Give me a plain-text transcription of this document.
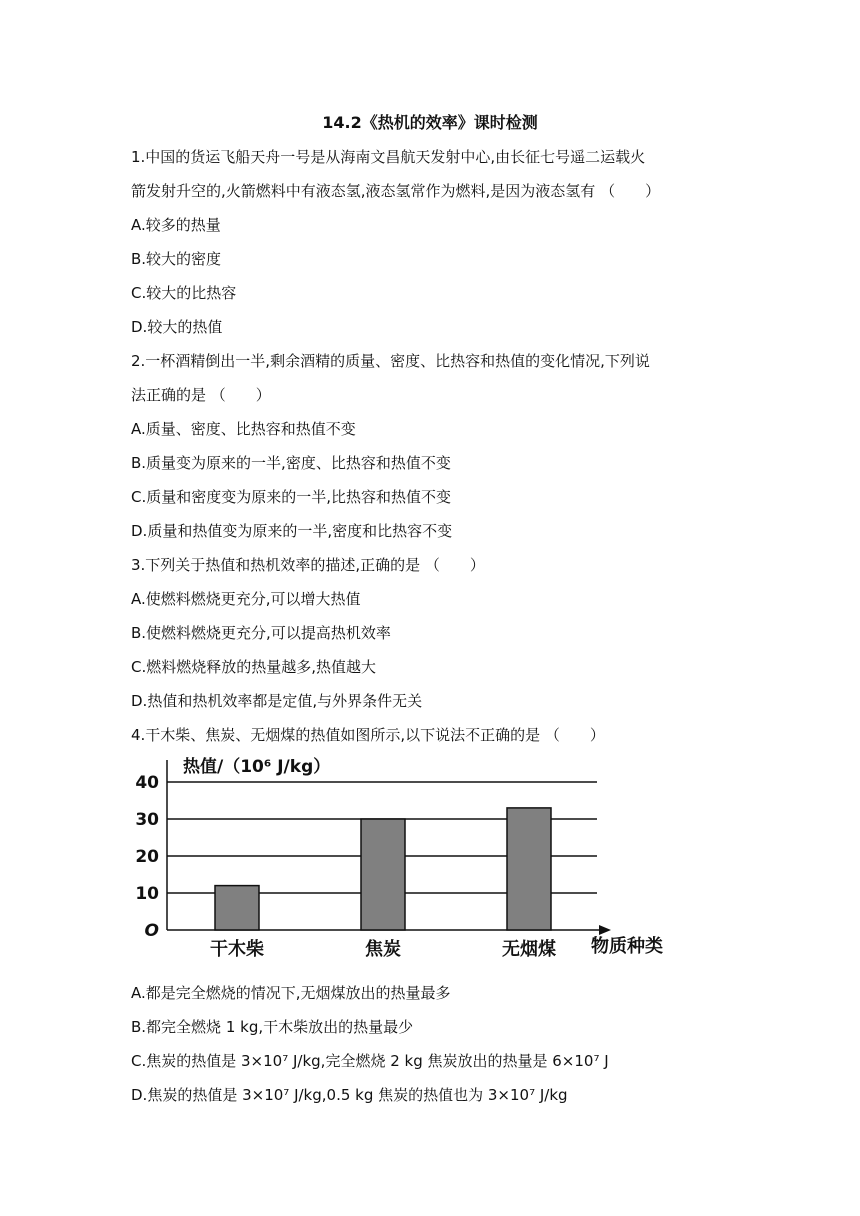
14.2《热机的效率》课时检测
1.中国的货运飞船天舟一号是从海南文昌航天发射中心,由长征七号遥二运载火
箭发射升空的,火箭燃料中有液态氢,液态氢常作为燃料,是因为液态氢有 （　　）
A.较多的热量
B.较大的密度
C.较大的比热容
D.较大的热值
2.一杯酒精倒出一半,剩余酒精的质量、密度、比热容和热值的变化情况,下列说
法正确的是 （　　）
A.质量、密度、比热容和热值不变
B.质量变为原来的一半,密度、比热容和热值不变
C.质量和密度变为原来的一半,比热容和热值不变
D.质量和热值变为原来的一半,密度和比热容不变
3.下列关于热值和热机效率的描述,正确的是 （　　）
A.使燃料燃烧更充分,可以增大热值
B.使燃料燃烧更充分,可以提高热机效率
C.燃料燃烧释放的热量越多,热值越大
D.热值和热机效率都是定值,与外界条件无关
4.干木柴、焦炭、无烟煤的热值如图所示,以下说法不正确的是 （　　）
O
10
20
30
40
热值/（10⁶ J/kg）
干木柴	焦炭	无烟煤 物质种类
A.都是完全燃烧的情况下,无烟煤放出的热量最多
B.都完全燃烧 1 kg,干木柴放出的热量最少
C.焦炭的热值是 3×10⁷ J/kg,完全燃烧 2 kg 焦炭放出的热量是 6×10⁷ J
D.焦炭的热值是 3×10⁷ J/kg,0.5 kg 焦炭的热值也为 3×10⁷ J/kg
